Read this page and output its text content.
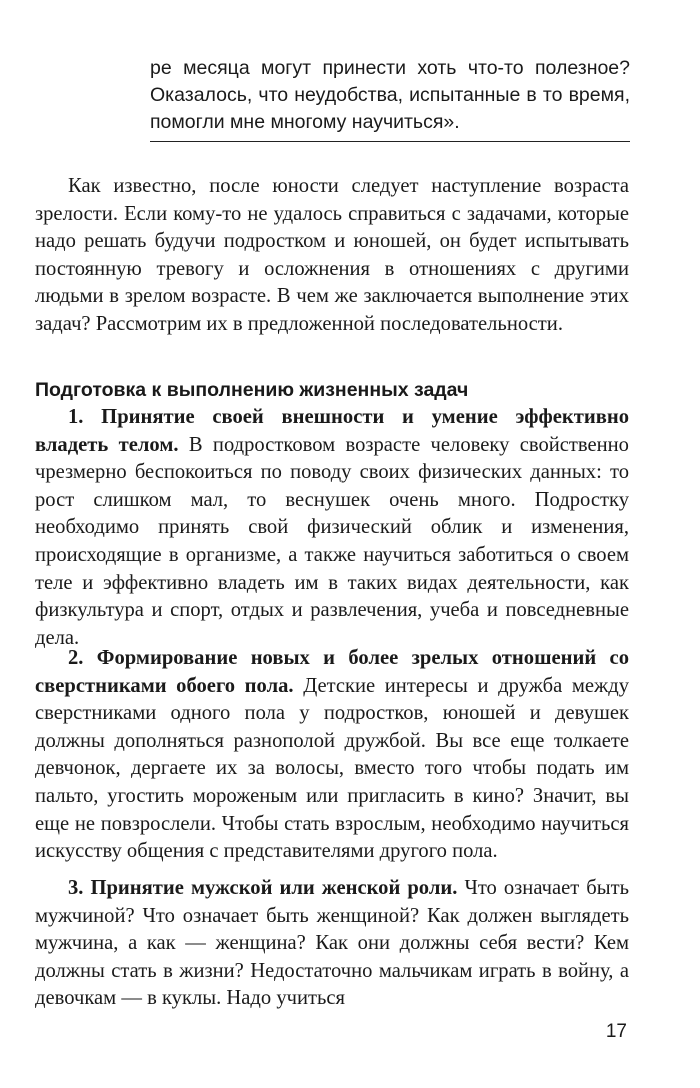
ре месяца могут принести хоть что-то полезное? Оказалось, что неудобства, испытанные в то время, помогли мне многому научиться».

Как известно, после юности следует наступление возраста зрелости. Если кому-то не удалось справиться с задачами, которые надо решать будучи подростком и юношей, он будет испытывать постоянную тревогу и осложнения в отношениях с другими людьми в зрелом возрасте. В чем же заключается выполнение этих задач? Рассмотрим их в предложенной последовательности.

Подготовка к выполнению жизненных задач

1. Принятие своей внешности и умение эффективно владеть телом. В подростковом возрасте человеку свойственно чрезмерно беспокоиться по поводу своих физических данных: то рост слишком мал, то веснушек очень много. Подростку необходимо принять свой физический облик и изменения, происходящие в организме, а также научиться заботиться о своем теле и эффективно владеть им в таких видах деятельности, как физкультура и спорт, отдых и развлечения, учеба и повседневные дела.

2. Формирование новых и более зрелых отношений со сверстниками обоего пола. Детские интересы и дружба между сверстниками одного пола у подростков, юношей и девушек должны дополняться разнополой дружбой. Вы все еще толкаете девчонок, дергаете их за волосы, вместо того чтобы подать им пальто, угостить мороженым или пригласить в кино? Значит, вы еще не повзрослели. Чтобы стать взрослым, необходимо научиться искусству общения с представителями другого пола.

3. Принятие мужской или женской роли. Что означает быть мужчиной? Что означает быть женщиной? Как должен выглядеть мужчина, а как — женщина? Как они должны себя вести? Кем должны стать в жизни? Недостаточно мальчикам играть в войну, а девочкам — в куклы. Надо учиться

17
